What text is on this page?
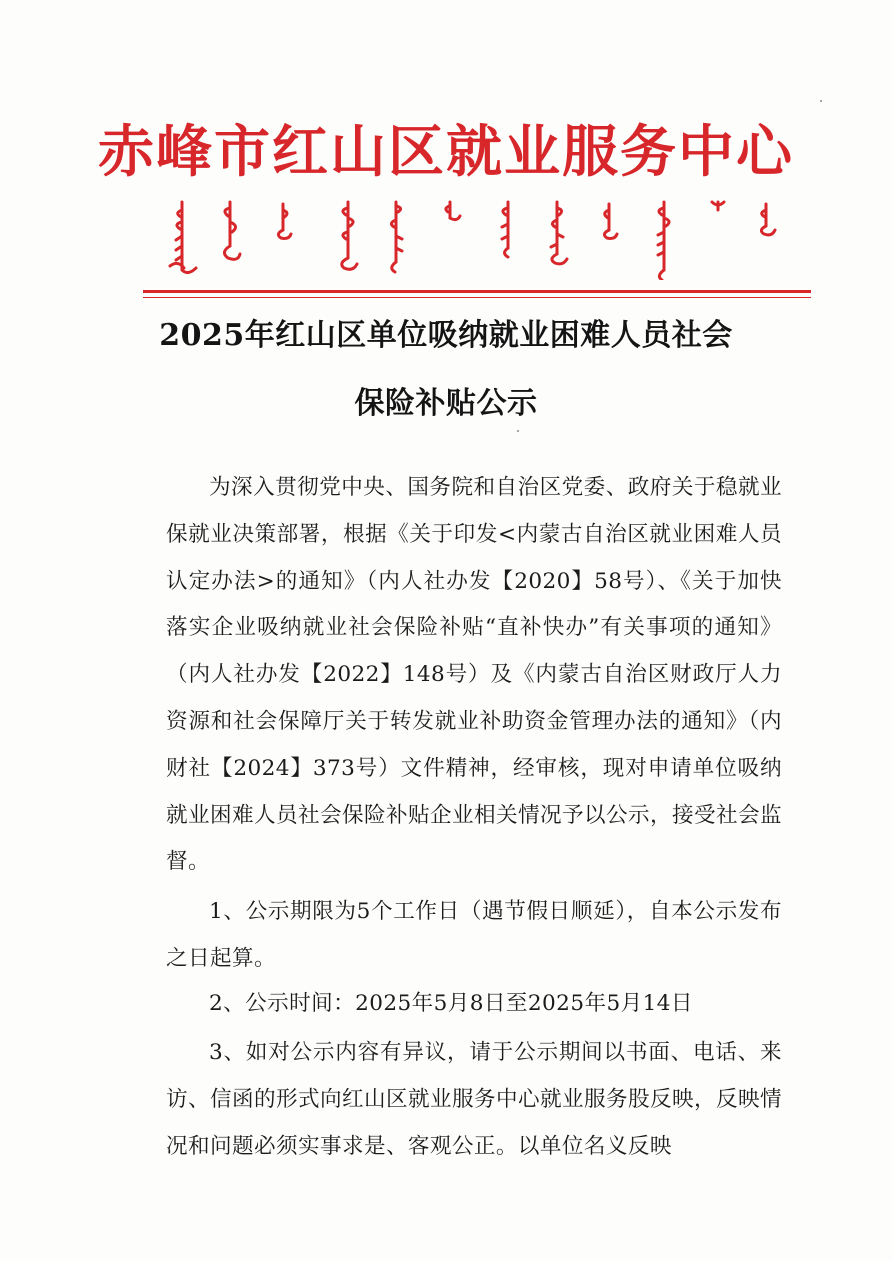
赤峰市红山区就业服务中心
2025年红山区单位吸纳就业困难人员社会
保险补贴公示

为深入贯彻党中央、国务院和自治区党委、政府关于稳就业保就业决策部署，根据《关于印发<内蒙古自治区就业困难人员认定办法>的通知》（内人社办发【2020】58号）、《关于加快落实企业吸纳就业社会保险补贴“直补快办”有关事项的通知》（内人社办发【2022】148号）及《内蒙古自治区财政厅人力资源和社会保障厅关于转发就业补助资金管理办法的通知》（内财社【2024】373号）文件精神，经审核，现对申请单位吸纳就业困难人员社会保险补贴企业相关情况予以公示，接受社会监督。

1、公示期限为5个工作日（遇节假日顺延），自本公示发布之日起算。

2、公示时间：2025年5月8日至2025年5月14日

3、如对公示内容有异议，请于公示期间以书面、电话、来访、信函的形式向红山区就业服务中心就业服务股反映，反映情况和问题必须实事求是、客观公正。以单位名义反映
